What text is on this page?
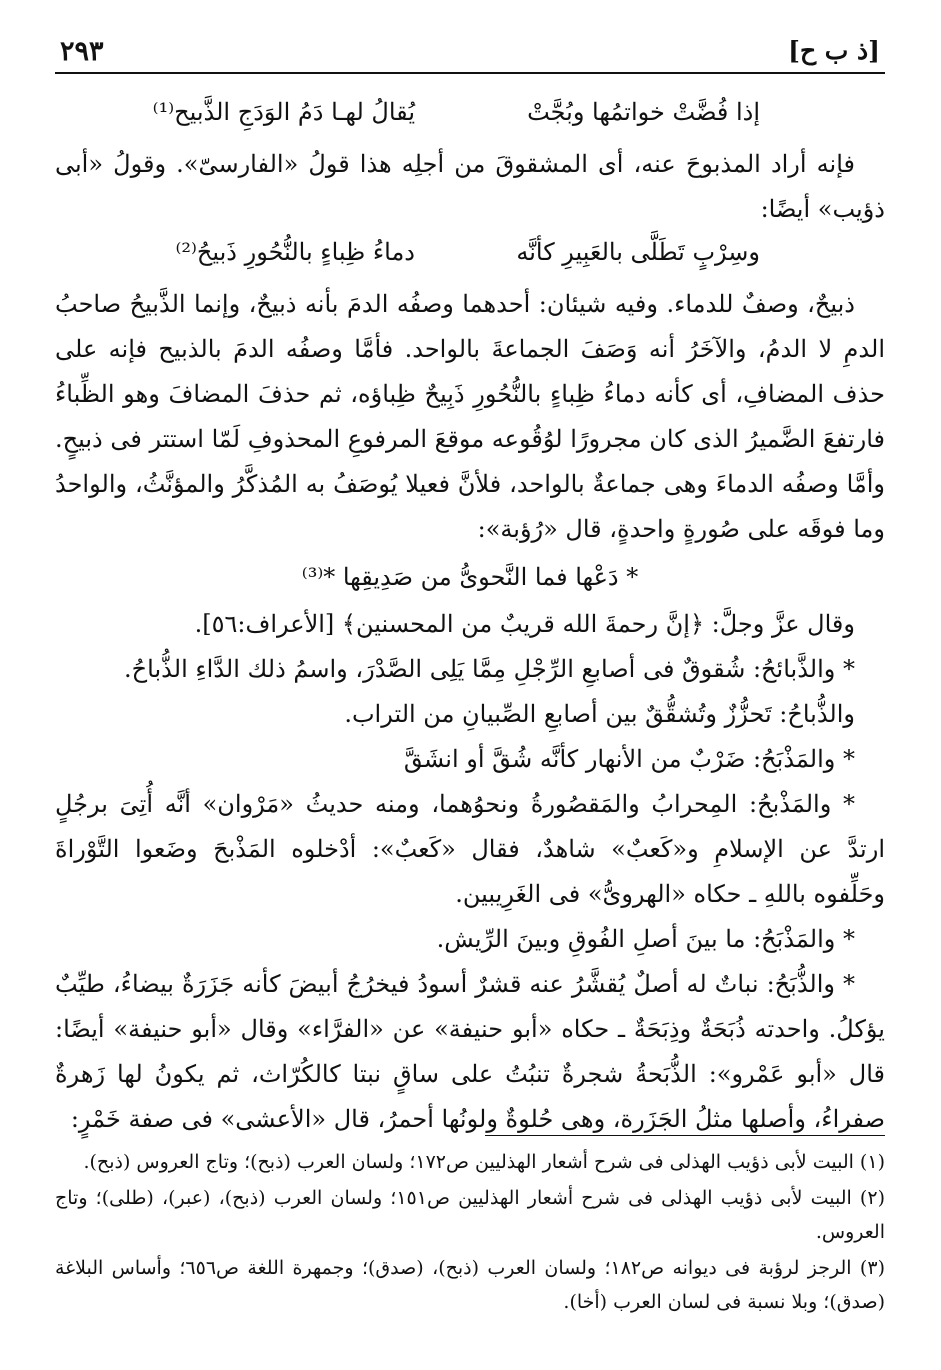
٢٩٣	[ذ ب ح]
إذا فُضَّتْ خواتمُها وبُجَّتْ
يُقالُ لهـا دَمُ الوَدَجِ الذَّبيح⁽¹⁾

فإنه أراد المذبوحَ عنه، أى المشقوقَ من أجلِه هذا قولُ «الفارسىّ». وقولُ «أبى ذؤيب» أيضًا:

وسِرْبٍ تَطَلَّى بالعَبِيرِ كأنَّه
دماءُ ظِباءٍ بالنُّحُورِ ذَبيحُ⁽²⁾

ذبيحٌ، وصفٌ للدماء. وفيه شيئان: أحدهما وصفُه الدمَ بأنه ذبيحٌ، وإنما الذَّبيحُ صاحبُ الدمِ لا الدمُ، والآخَرُ أنه وَصَفَ الجماعةَ بالواحد. فأمَّا وصفُه الدمَ بالذبيح فإنه على حذف المضافِ، أى كأنه دماءُ ظِباءٍ بالنُّحُورِ ذَبِيحٌ ظِباؤه، ثم حذفَ المضافَ وهو الظِّباءُ فارتفعَ الضَّميرُ الذى كان مجرورًا لوُقُوعه موقعَ المرفوعِ المحذوفِ لَمّا استتر فى ذبيحٍ. وأمَّا وصفُه الدماءَ وهى جماعةٌ بالواحد، فلأنَّ فعيلا يُوصَفُ به المُذكَّرُ والمؤنَّثُ، والواحدُ وما فوقَه على صُورةٍ واحدةٍ، قال «رُؤبة»:

* دَعْها فما النَّحوىُّ من صَدِيقِها *⁽³⁾

وقال عزَّ وجلَّ: ﴿إنَّ رحمةَ الله قريبٌ من المحسنين﴾ [الأعراف:٥٦].

* والذَّبائحُ: شُقوقٌ فى أصابعِ الرِّجْلِ مِمَّا يَلِى الصَّدْرَ، واسمُ ذلك الدَّاءِ الذُّباحُ.

والذُّباحُ: تَحزُّزٌ وتُشقُّقٌ بين أصابعِ الصِّبيانِ من التراب.

* والمَذْبَحُ: ضَرْبٌ من الأنهار كأنَّه شُقَّ أو انشَقَّ

* والمَذْبحُ: المِحرابُ والمَقصُورةُ ونحوُهما، ومنه حديثُ «مَرْوان» أنَّه أُتِىَ برجُلٍ ارتدَّ عن الإسلامِ و«كَعبٌ» شاهدٌ، فقال «كَعبٌ»: أدْخلوه المَذْبحَ وضَعوا التَّوْراةَ وحَلِّفوه باللهِ ـ حكاه «الهروىُّ» فى الغَرِيبين.

* والمَذْبَحُ: ما بينَ أصلِ الفُوقِ وبينَ الرِّيش.

* والذُّبَحُ: نباتٌ له أصلٌ يُقشَّرُ عنه قشرٌ أسودُ فيخرُجُ أبيضَ كأنه جَزَرَةٌ بيضاءُ، طيِّبٌ يؤكلُ. واحدته ذُبَحَةٌ وذِبَحَةٌ ـ حكاه «أبو حنيفة» عن «الفرَّاء» وقال «أبو حنيفة» أيضًا: قال «أبو عَمْرو»: الذُّبَحةُ شجرةٌ تنبُتُ على ساقٍ نبتا كالكُرّاث، ثم يكونُ لها زَهرةٌ صفراءُ، وأصلها مثلُ الجَزَرة، وهى حُلوةٌ ولونُها أحمرُ، قال «الأعشى» فى صفة خَمْرٍ:

(١) البيت لأبى ذؤيب الهذلى فى شرح أشعار الهذليين ص١٧٢؛ ولسان العرب (ذبح)؛ وتاج العروس (ذبح).

(٢) البيت لأبى ذؤيب الهذلى فى شرح أشعار الهذليين ص١٥١؛ ولسان العرب (ذبح)، (عبر)، (طلى)؛ وتاج العروس.

(٣) الرجز لرؤبة فى ديوانه ص١٨٢؛ ولسان العرب (ذبح)، (صدق)؛ وجمهرة اللغة ص٦٥٦؛ وأساس البلاغة (صدق)؛ وبلا نسبة فى لسان العرب (أخا).
